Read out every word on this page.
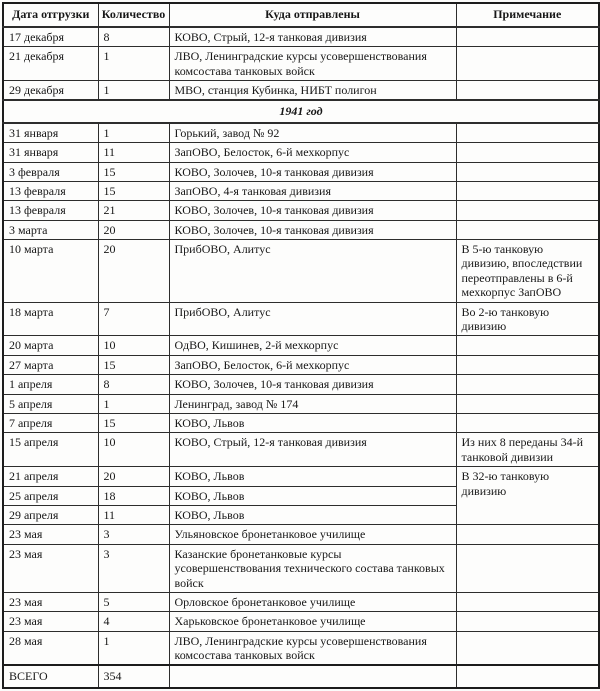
Дата отгрузки	Количество	Куда отправлены	Примечание
17 декабря	8	КОВО, Стрый, 12-я танковая дивизия	
21 декабря	1	ЛВО, Ленинградские курсы усовершенствования комсостава танковых войск	
29 декабря	1	МВО, станция Кубинка, НИБТ полигон	
1941 год			
31 января	1	Горький, завод № 92	
31 января	11	ЗапОВО, Белосток, 6-й мехкорпус	
3 февраля	15	КОВО, Золочев, 10-я танковая дивизия	
13 февраля	15	ЗапОВО, 4-я танковая дивизия	
13 февраля	21	КОВО, Золочев, 10-я танковая дивизия	
3 марта	20	КОВО, Золочев, 10-я танковая дивизия	
10 марта	20	ПрибОВО, Алитус	В 5-ю танковую дивизию, впоследствии переотправлены в 6-й мехкорпус ЗапОВО
18 марта	7	ПрибОВО, Алитус	Во 2-ю танковую дивизию
20 марта	10	ОдВО, Кишинев, 2-й мехкорпус	
27 марта	15	ЗапОВО, Белосток, 6-й мехкорпус	
1 апреля	8	КОВО, Золочев, 10-я танковая дивизия	
5 апреля	1	Ленинград, завод № 174	
7 апреля	15	КОВО, Львов	
15 апреля	10	КОВО, Стрый, 12-я танковая дивизия	Из них 8 переданы 34-й танковой дивизии
21 апреля	20	КОВО, Львов	В 32-ю танковую дивизию
25 апреля	18	КОВО, Львов	
29 апреля	11	КОВО, Львов	
23 мая	3	Ульяновское бронетанковое училище	
23 мая	3	Казанские бронетанковые курсы усовершенствования технического состава танковых войск	
23 мая	5	Орловское бронетанковое училище	
23 мая	4	Харьковское бронетанковое училище	
28 мая	1	ЛВО, Ленинградские курсы усовершенствования комсостава танковых войск	
ВСЕГО	354		
